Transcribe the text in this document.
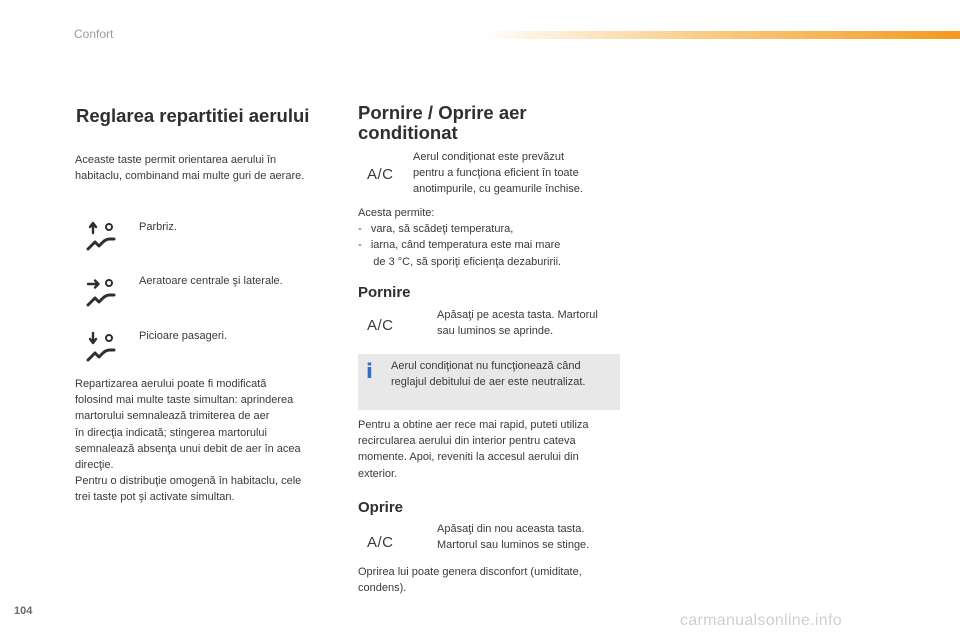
Confort
Reglarea repartitiei aerului
Aceaste taste permit orientarea aerului în
habitaclu, combinand mai multe guri de aerare.
Parbriz.
Aeratoare centrale şi laterale.
Picioare pasageri.
Repartizarea aerului poate fi modificată
folosind mai multe taste simultan: aprinderea
martorului semnalează trimiterea de aer
în direcţia indicată; stingerea martorului
semnalează absenţa unui debit de aer în acea
direcţie.
Pentru o distribuţie omogenă în habitaclu, cele
trei taste pot şi activate simultan.
Pornire / Oprire aer
conditionat
A/C
Aerul condiţionat este prevăzut
pentru a funcţiona eficient în toate
anotimpurile, cu geamurile închise.
Acesta permite:
-   vara, să scădeţi temperatura,
-   iarna, când temperatura este mai mare
de 3 °C, să sporiţi eficienţa dezaburirii.
Pornire
A/C
Apăsaţi pe acesta tasta. Martorul
sau luminos se aprinde.
i	Aerul condiţionat nu funcţionează când
reglajul debitului de aer este neutralizat.
Pentru a obtine aer rece mai rapid, puteti utiliza
recircularea aerului din interior pentru cateva
momente. Apoi, reveniti la accesul aerului din
exterior.
Oprire
A/C
Apăsaţi din nou aceasta tasta.
Martorul sau luminos se stinge.
Oprirea lui poate genera disconfort (umiditate,
condens).
104
carmanualsonline.info
